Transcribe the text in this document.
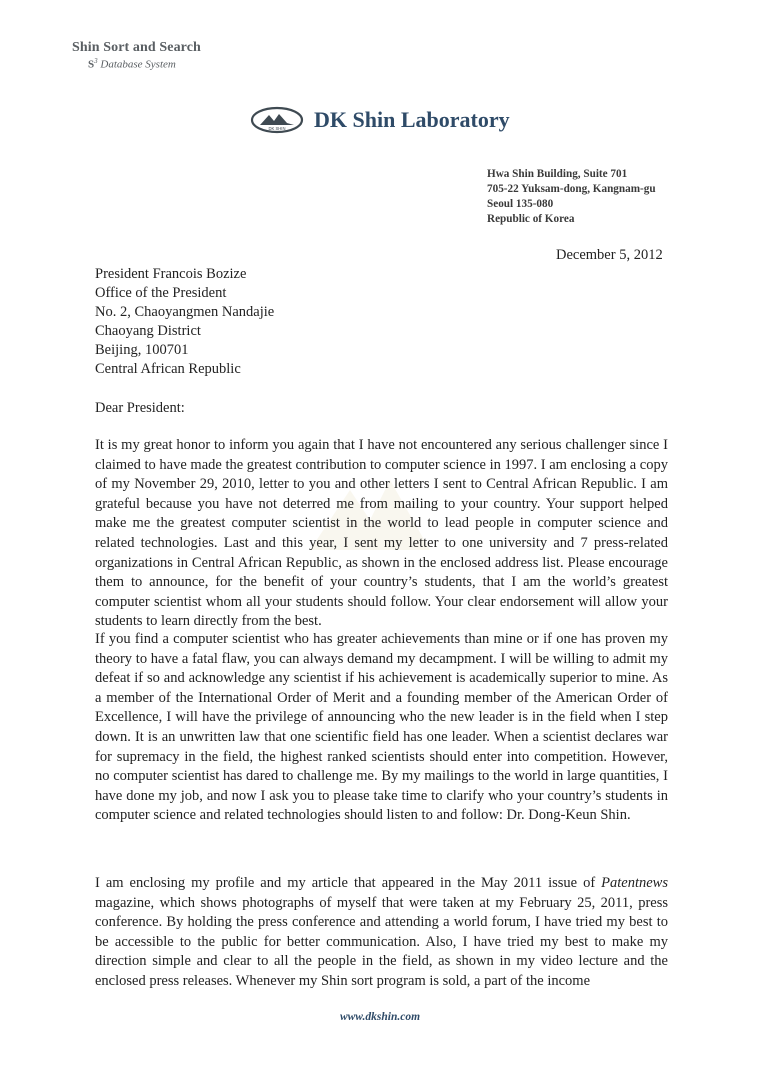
Shin Sort and Search
$S^3$ Database System
DK SHIN DK Shin Laboratory
Hwa Shin Building, Suite 701
705-22 Yuksam-dong, Kangnam-gu
Seoul 135-080
Republic of Korea
December 5, 2012
President Francois Bozize
Office of the President
No. 2, Chaoyangmen Nandajie
Chaoyang District
Beijing, 100701
Central African Republic
Dear President:

It is my great honor to inform you again that I have not encountered any serious challenger since I claimed to have made the greatest contribution to computer science in 1997. I am enclosing a copy of my November 29, 2010, letter to you and other letters I sent to Central African Republic. I am grateful because you have not deterred me from mailing to your country. Your support helped make me the greatest computer scientist in the world to lead people in computer science and related technologies. Last and this year, I sent my letter to one university and 7 press-related organizations in Central African Republic, as shown in the enclosed address list. Please encourage them to announce, for the benefit of your country’s students, that I am the world’s greatest computer scientist whom all your students should follow. Your clear endorsement will allow your students to learn directly from the best.

If you find a computer scientist who has greater achievements than mine or if one has proven my theory to have a fatal flaw, you can always demand my decampment. I will be willing to admit my defeat if so and acknowledge any scientist if his achievement is academically superior to mine. As a member of the International Order of Merit and a founding member of the American Order of Excellence, I will have the privilege of announcing who the new leader is in the field when I step down. It is an unwritten law that one scientific field has one leader. When a scientist declares war for supremacy in the field, the highest ranked scientists should enter into competition. However, no computer scientist has dared to challenge me. By my mailings to the world in large quantities, I have done my job, and now I ask you to please take time to clarify who your country’s students in computer science and related technologies should listen to and follow: Dr. Dong-Keun Shin.

I am enclosing my profile and my article that appeared in the May 2011 issue of Patentnews magazine, which shows photographs of myself that were taken at my February 25, 2011, press conference. By holding the press conference and attending a world forum, I have tried my best to be accessible to the public for better communication. Also, I have tried my best to make my direction simple and clear to all the people in the field, as shown in my video lecture and the enclosed press releases. Whenever my Shin sort program is sold, a part of the income

www.dkshin.com
